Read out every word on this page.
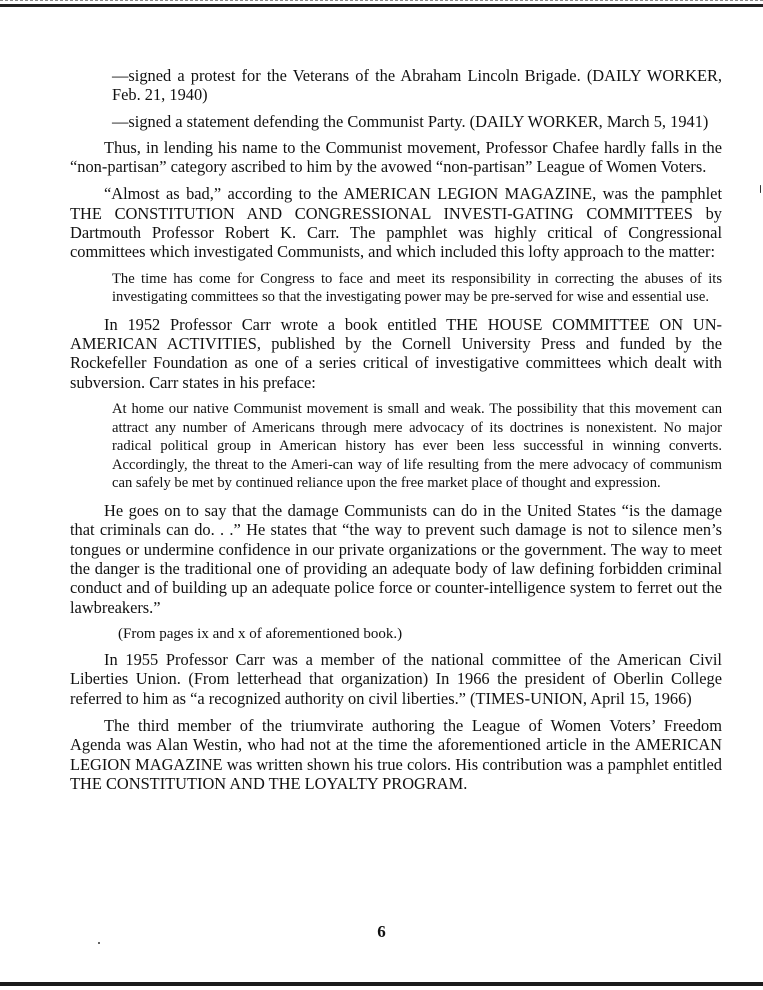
—signed a protest for the Veterans of the Abraham Lincoln Brigade. (DAILY WORKER, Feb. 21, 1940)

—signed a statement defending the Communist Party. (DAILY WORKER, March 5, 1941)

Thus, in lending his name to the Communist movement, Professor Chafee hardly falls in the “non-partisan” category ascribed to him by the avowed “non-partisan” League of Women Voters.

“Almost as bad,” according to the AMERICAN LEGION MAGAZINE, was the pamphlet THE CONSTITUTION AND CONGRESSIONAL INVESTI-GATING COMMITTEES by Dartmouth Professor Robert K. Carr. The pamphlet was highly critical of Congressional committees which investigated Communists, and which included this lofty approach to the matter:

The time has come for Congress to face and meet its responsibility in correcting the abuses of its investigating committees so that the investigating power may be pre-served for wise and essential use.

In 1952 Professor Carr wrote a book entitled THE HOUSE COMMITTEE ON UN-AMERICAN ACTIVITIES, published by the Cornell University Press and funded by the Rockefeller Foundation as one of a series critical of investigative committees which dealt with subversion. Carr states in his preface:

At home our native Communist movement is small and weak. The possibility that this movement can attract any number of Americans through mere advocacy of its doctrines is nonexistent. No major radical political group in American history has ever been less successful in winning converts. Accordingly, the threat to the Ameri-can way of life resulting from the mere advocacy of communism can safely be met by continued reliance upon the free market place of thought and expression.

He goes on to say that the damage Communists can do in the United States “is the damage that criminals can do. . .” He states that “the way to prevent such damage is not to silence men’s tongues or undermine confidence in our private organizations or the government. The way to meet the danger is the traditional one of providing an adequate body of law defining forbidden criminal conduct and of building up an adequate police force or counter-intelligence system to ferret out the lawbreakers.”

(From pages ix and x of aforementioned book.)

In 1955 Professor Carr was a member of the national committee of the American Civil Liberties Union. (From letterhead that organization) In 1966 the president of Oberlin College referred to him as “a recognized authority on civil liberties.” (TIMES-UNION, April 15, 1966)

The third member of the triumvirate authoring the League of Women Voters’ Freedom Agenda was Alan Westin, who had not at the time the aforementioned article in the AMERICAN LEGION MAGAZINE was written shown his true colors. His contribution was a pamphlet entitled THE CONSTITUTION AND THE LOYALTY PROGRAM.

6
